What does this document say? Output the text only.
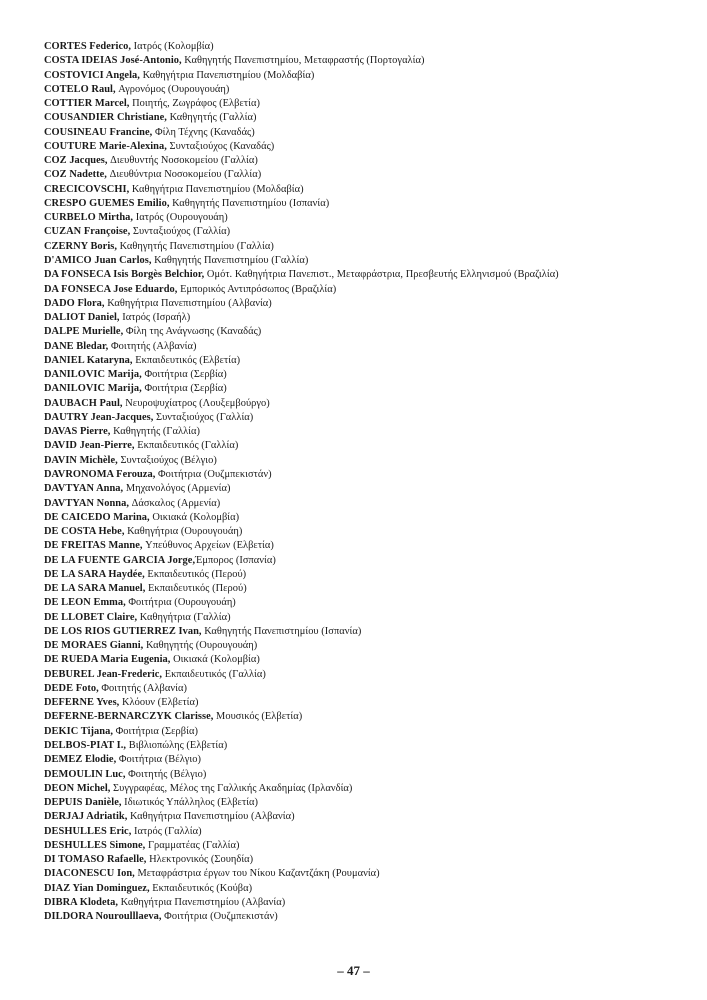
CORTES Federico, Ιατρός (Κολομβία)
COSTA IDEIAS José-Antonio, Καθηγητής Πανεπιστημίου, Μεταφραστής (Πορτογαλία)
COSTOVICI Angela, Καθηγήτρια Πανεπιστημίου (Μολδαβία)
COTELO Raul, Αγρονόμος (Ουρουγουάη)
COTTIER Marcel, Ποιητής, Ζωγράφος (Ελβετία)
COUSANDIER Christiane, Καθηγητής (Γαλλία)
COUSINEAU Francine, Φίλη Τέχνης (Καναδάς)
COUTURE Marie-Alexina, Συνταξιούχος (Καναδάς)
COZ Jacques, Διευθυντής Νοσοκομείου (Γαλλία)
COZ Nadette, Διευθύντρια Νοσοκομείου (Γαλλία)
CRECICOVSCHI, Καθηγήτρια Πανεπιστημίου (Μολδαβία)
CRESPO GUEMES Emilio, Καθηγητής Πανεπιστημίου (Ισπανία)
CURBELO Mirtha, Ιατρός (Ουρουγουάη)
CUZAN Françoise, Συνταξιούχος (Γαλλία)
CZERNY Boris, Καθηγητής Πανεπιστημίου (Γαλλία)
D'AMICO Juan Carlos, Καθηγητής Πανεπιστημίου (Γαλλία)
DA FONSECA Isis Borgès Belchior, Ομότ. Καθηγήτρια Πανεπιστ., Μεταφράστρια, Πρεσβευτής Ελληνισμού (Βραζιλία)
DA FONSECA Jose Eduardo, Εμπορικός Αντιπρόσωπος (Βραζιλία)
DADO Flora, Καθηγήτρια Πανεπιστημίου (Αλβανία)
DALIOT Daniel, Ιατρός (Ισραήλ)
DALPE Murielle, Φίλη της Ανάγνωσης (Καναδάς)
DANE Bledar, Φοιτητής (Αλβανία)
DANIEL Kataryna, Εκπαιδευτικός (Ελβετία)
DANILOVIC Marija, Φοιτήτρια (Σερβία)
DANILOVIC Marija, Φοιτήτρια (Σερβία)
DAUBACH Paul, Νευροψυχίατρος (Λουξεμβούργο)
DAUTRY Jean-Jacques, Συνταξιούχος (Γαλλία)
DAVAS Pierre, Καθηγητής (Γαλλία)
DAVID Jean-Pierre, Εκπαιδευτικός (Γαλλία)
DAVIN Michèle, Συνταξιούχος (Βέλγιο)
DAVRONOMA Ferouza, Φοιτήτρια (Ουζμπεκιστάν)
DAVTYAN Anna, Μηχανολόγος (Αρμενία)
DAVTYAN Nonna, Δάσκαλος (Αρμενία)
DE CAICEDO Marina, Οικιακά (Κολομβία)
DE COSTA Hebe, Καθηγήτρια (Ουρουγουάη)
DE FREITAS Manne, Υπεύθυνος Αρχείων (Ελβετία)
DE LA FUENTE GARCIA Jorge,Έμπορος (Ισπανία)
DE LA SARA Haydée, Εκπαιδευτικός (Περού)
DE LA SARA Manuel, Εκπαιδευτικός (Περού)
DE LEON Emma, Φοιτήτρια (Ουρουγουάη)
DE LLOBET Claire, Καθηγήτρια (Γαλλία)
DE LOS RIOS GUTIERREZ Ivan, Καθηγητής Πανεπιστημίου (Ισπανία)
DE MORAES Gianni, Καθηγητής (Ουρουγουάη)
DE RUEDA Maria Eugenia, Οικιακά (Κολομβία)
DEBUREL Jean-Frederic, Εκπαιδευτικός (Γαλλία)
DEDE Foto, Φοιτητής (Αλβανία)
DEFERNE Yves, Κλόουν (Ελβετία)
DEFERNE-BERNARCZYK Clarisse, Μουσικός (Ελβετία)
DEKIC Tijana, Φοιτήτρια (Σερβία)
DELBOS-PIAT I., Βιβλιοπώλης (Ελβετία)
DEMEZ Elodie, Φοιτήτρια (Βέλγιο)
DEMOULIN Luc, Φοιτητής (Βέλγιο)
DEON Michel, Συγγραφέας, Μέλος της Γαλλικής Ακαδημίας (Ιρλανδία)
DEPUIS Danièle, Ιδιωτικός Υπάλληλος (Ελβετία)
DERJAJ Adriatik, Καθηγήτρια Πανεπιστημίου (Αλβανία)
DESHULLES Eric, Ιατρός (Γαλλία)
DESHULLES Simone, Γραμματέας (Γαλλία)
DI TOMASO Rafaelle, Ηλεκτρονικός (Σουηδία)
DIACONESCU Ion, Μεταφράστρια έργων του Νίκου Καζαντζάκη (Ρουμανία)
DIAZ Yian Dominguez, Εκπαιδευτικός (Κούβα)
DIBRA Klodeta, Καθηγήτρια Πανεπιστημίου (Αλβανία)
DILDORA Nouroulllaeva, Φοιτήτρια (Ουζμπεκιστάν)
– 47 –
